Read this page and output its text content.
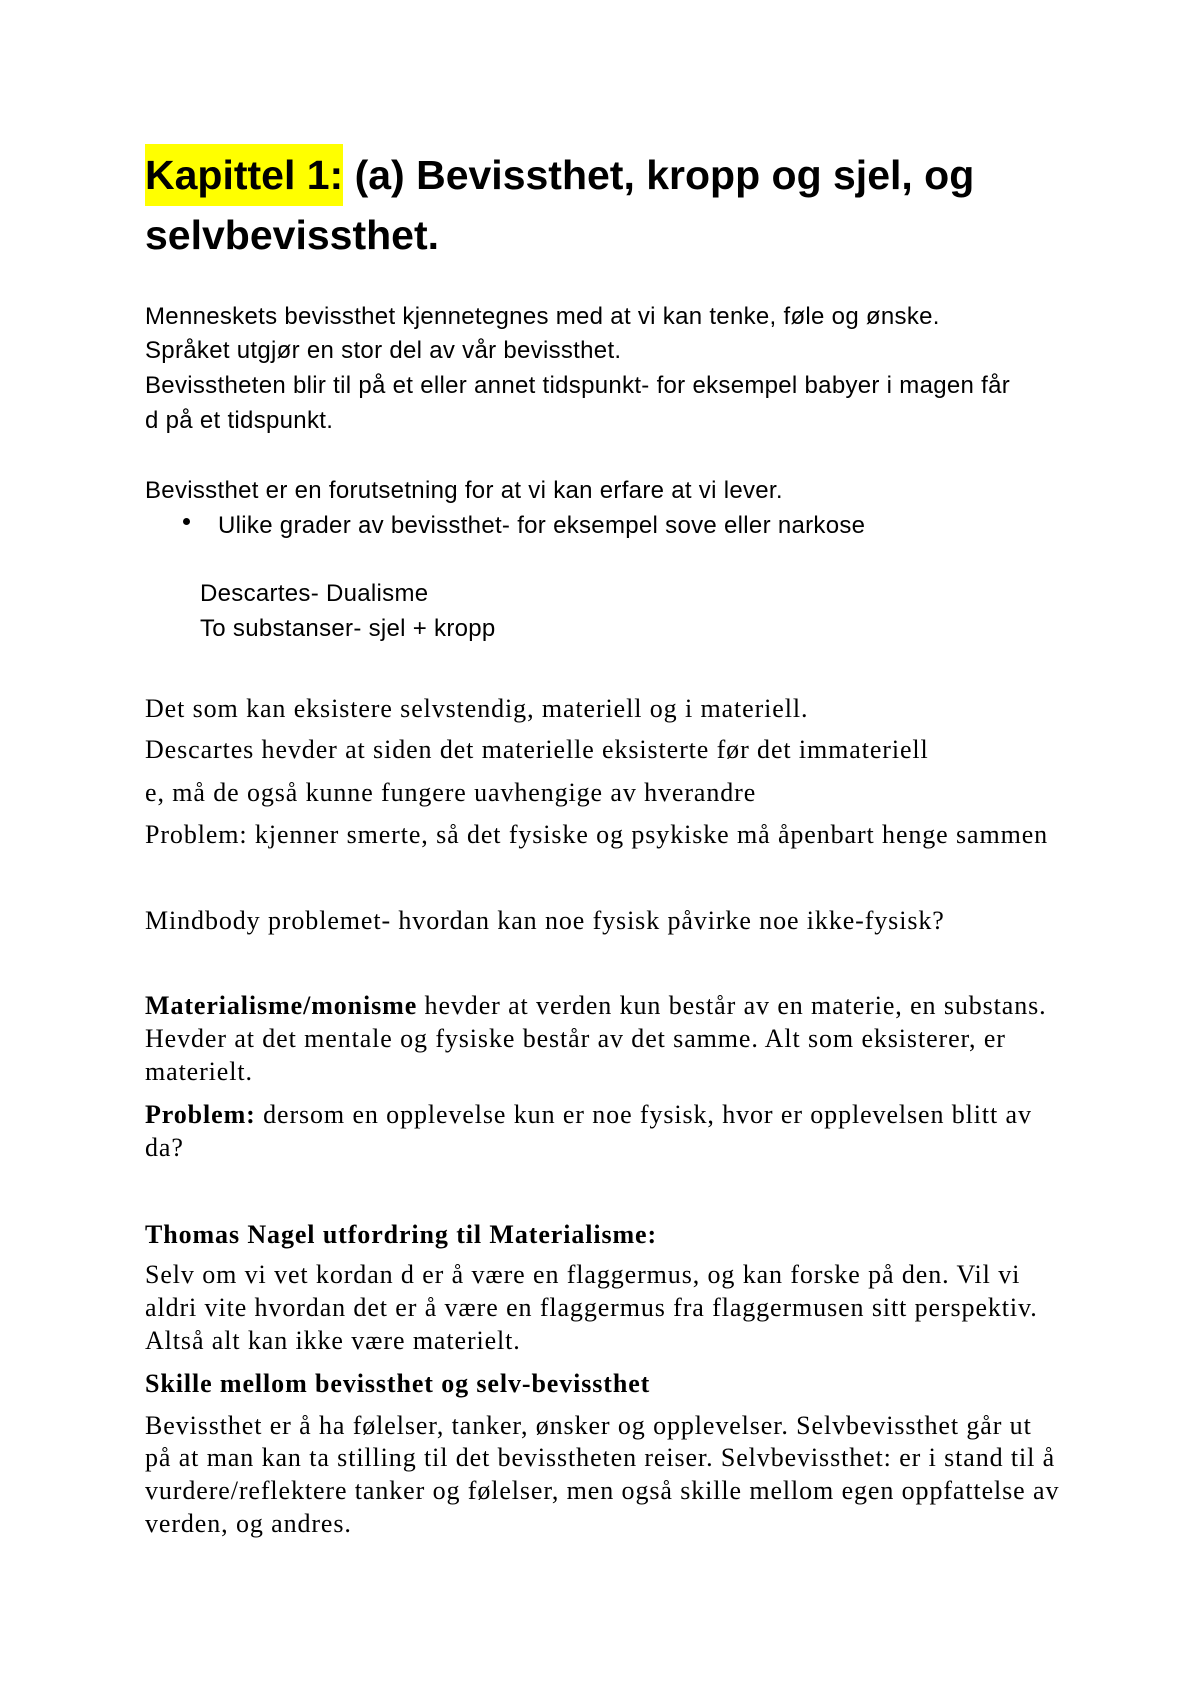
Kapittel 1: (a) Bevissthet, kropp og sjel, og
selvbevissthet.
Menneskets bevissthet kjennetegnes med at vi kan tenke, føle og ønske.
Språket utgjør en stor del av vår bevissthet.
Bevisstheten blir til på et eller annet tidspunkt- for eksempel babyer i magen får
d på et tidspunkt.
Bevissthet er en forutsetning for at vi kan erfare at vi lever.
Ulike grader av bevissthet- for eksempel sove eller narkose
Descartes- Dualisme
To substanser- sjel + kropp
Det som kan eksistere selvstendig, materiell og i materiell.
Descartes hevder at siden det materielle eksisterte før det immateriell
e, må de også kunne fungere uavhengige av hverandre
Problem: kjenner smerte, så det fysiske og psykiske må åpenbart henge sammen
Mindbody problemet- hvordan kan noe fysisk påvirke noe ikke-fysisk?
Materialisme/monisme hevder at verden kun består av en materie, en substans.
Hevder at det mentale og fysiske består av det samme. Alt som eksisterer, er
materielt.
Problem: dersom en opplevelse kun er noe fysisk, hvor er opplevelsen blitt av
da?
Thomas Nagel utfordring til Materialisme:
Selv om vi vet kordan d er å være en flaggermus, og kan forske på den. Vil vi
aldri vite hvordan det er å være en flaggermus fra flaggermusen sitt perspektiv.
Altså alt kan ikke være materielt.
Skille mellom bevissthet og selv-bevissthet
Bevissthet er å ha følelser, tanker, ønsker og opplevelser. Selvbevissthet går ut
på at man kan ta stilling til det bevisstheten reiser. Selvbevissthet: er i stand til å
vurdere/reflektere tanker og følelser, men også skille mellom egen oppfattelse av
verden, og andres.
